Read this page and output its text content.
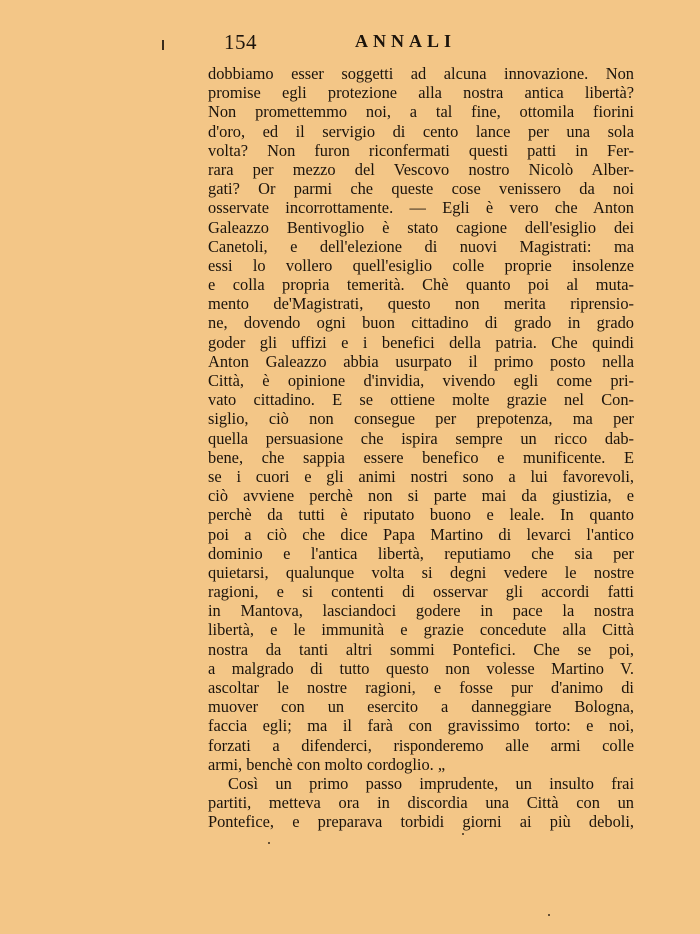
154	ANNALI
dobbiamo esser soggetti ad alcuna innovazione. Non
promise egli protezione alla nostra antica libertà?
Non promettemmo noi, a tal fine, ottomila fiorini
d'oro, ed il servigio di cento lance per una sola
volta? Non furon riconfermati questi patti in Fer-
rara per mezzo del Vescovo nostro Nicolò Alber-
gati? Or parmi che queste cose venissero da noi
osservate incorrottamente. — Egli è vero che Anton
Galeazzo Bentivoglio è stato cagione dell'esiglio dei
Canetoli, e dell'elezione di nuovi Magistrati: ma
essi lo vollero quell'esiglio colle proprie insolenze
e colla propria temerità. Chè quanto poi al muta-
mento de'Magistrati, questo non merita riprensio-
ne, dovendo ogni buon cittadino di grado in grado
goder gli uffizi e i benefici della patria. Che quindi
Anton Galeazzo abbia usurpato il primo posto nella
Città, è opinione d'invidia, vivendo egli come pri-
vato cittadino. E se ottiene molte grazie nel Con-
siglio, ciò non consegue per prepotenza, ma per
quella persuasione che ispira sempre un ricco dab-
bene, che sappia essere benefico e munificente. E
se i cuori e gli animi nostri sono a lui favorevoli,
ciò avviene perchè non si parte mai da giustizia, e
perchè da tutti è riputato buono e leale. In quanto
poi a ciò che dice Papa Martino di levarci l'antico
dominio e l'antica libertà, reputiamo che sia per
quietarsi, qualunque volta si degni vedere le nostre
ragioni, e si contenti di osservar gli accordi fatti
in Mantova, lasciandoci godere in pace la nostra
libertà, e le immunità e grazie concedute alla Città
nostra da tanti altri sommi Pontefici. Che se poi,
a malgrado di tutto questo non volesse Martino V.
ascoltar le nostre ragioni, e fosse pur d'animo di
muover con un esercito a danneggiare Bologna,
faccia egli; ma il farà con gravissimo torto: e noi,
forzati a difenderci, risponderemo alle armi colle
armi, benchè con molto cordoglio. „
Così un primo passo imprudente, un insulto frai
partiti, metteva ora in discordia una Città con un
Pontefice, e preparava torbidi giorni ai più deboli,
